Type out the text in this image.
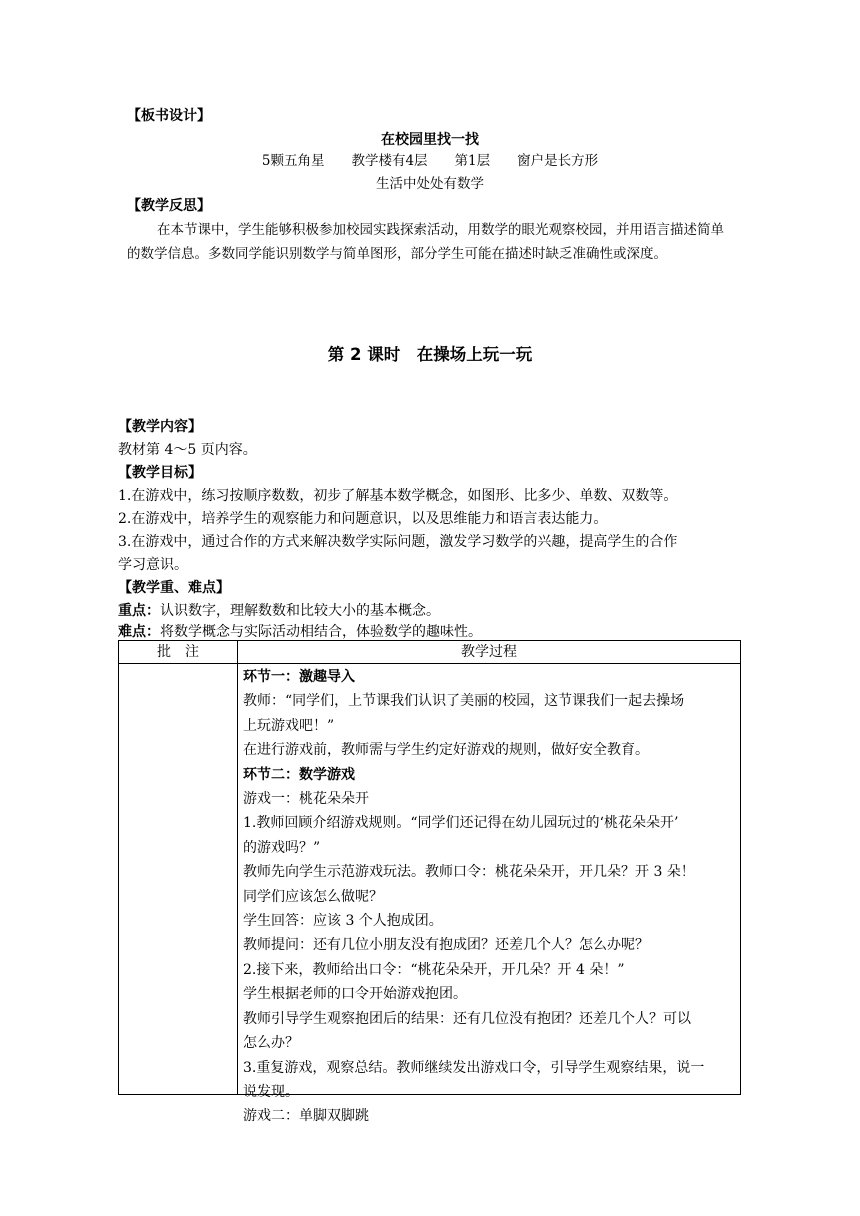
【板书设计】
在校园里找一找
5颗五角星　　教学楼有4层　　第1层　　窗户是长方形
生活中处处有数学
【教学反思】
在本节课中，学生能够积极参加校园实践探索活动，用数学的眼光观察校园，并用语言描述简单的数学信息。多数同学能识别数学与简单图形，部分学生可能在描述时缺乏准确性或深度。
第 2 课时　在操场上玩一玩
【教学内容】
教材第 4～5 页内容。
【教学目标】
1.在游戏中，练习按顺序数数，初步了解基本数学概念，如图形、比多少、单数、双数等。
2.在游戏中，培养学生的观察能力和问题意识，以及思维能力和语言表达能力。
3.在游戏中，通过合作的方式来解决数学实际问题，激发学习数学的兴趣，提高学生的合作
学习意识。
【教学重、难点】
重点：认识数字，理解数数和比较大小的基本概念。
难点：将数学概念与实际活动相结合，体验数学的趣味性。
批　注	教学过程
环节一：激趣导入
教师：“同学们，上节课我们认识了美丽的校园，这节课我们一起去操场
上玩游戏吧！”
在进行游戏前，教师需与学生约定好游戏的规则，做好安全教育。
环节二：数学游戏
游戏一：桃花朵朵开
1.教师回顾介绍游戏规则。“同学们还记得在幼儿园玩过的‘桃花朵朵开’
的游戏吗？”
教师先向学生示范游戏玩法。教师口令：桃花朵朵开，开几朵？开 3 朵！
同学们应该怎么做呢？
学生回答：应该 3 个人抱成团。
教师提问：还有几位小朋友没有抱成团？还差几个人？怎么办呢？
2.接下来，教师给出口令：“桃花朵朵开，开几朵？开 4 朵！”
学生根据老师的口令开始游戏抱团。
教师引导学生观察抱团后的结果：还有几位没有抱团？还差几个人？可以
怎么办？
3.重复游戏，观察总结。教师继续发出游戏口令，引导学生观察结果，说一
说发现。
游戏二：单脚双脚跳
